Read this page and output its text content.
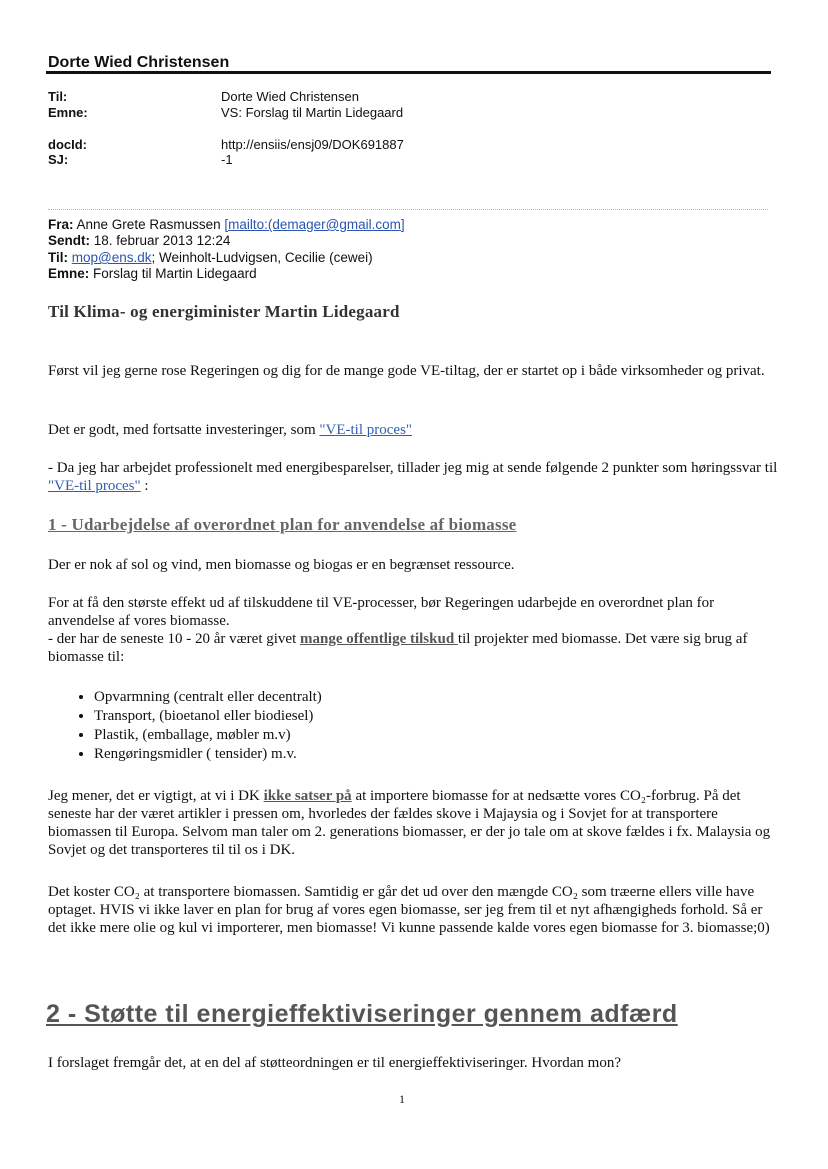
Dorte Wied Christensen
Til:	Dorte Wied Christensen
Emne:	VS: Forslag til Martin Lidegaard
docId:	http://ensiis/ensj09/DOK691887
SJ:	-1
Fra: Anne Grete Rasmussen [mailto:(demager@gmail.com]
Sendt: 18. februar 2013 12:24
Til: mop@ens.dk; Weinholt-Ludvigsen, Cecilie (cewei)
Emne: Forslag til Martin Lidegaard
Til Klima- og energiminister Martin Lidegaard
Først vil jeg gerne rose Regeringen og dig for de mange gode VE-tiltag, der er startet op i både virksomheder og privat.
Det er godt, med fortsatte investeringer, som "VE-til proces"
- Da jeg har arbejdet professionelt med energibesparelser, tillader jeg mig at sende følgende 2 punkter som høringssvar til "VE-til proces" :
1 - Udarbejdelse af overordnet plan for anvendelse af biomasse
Der er nok af sol og vind, men biomasse og biogas er en begrænset ressource.
For at få den største effekt ud af tilskuddene til VE-processer, bør Regeringen udarbejde en overordnet plan for anvendelse af vores biomasse.
- der har de seneste 10 - 20 år været givet mange offentlige tilskud til projekter med biomasse. Det være sig brug af biomasse til:
• Opvarmning (centralt eller decentralt)
• Transport, (bioetanol eller biodiesel)
• Plastik, (emballage, møbler m.v)
• Rengøringsmidler ( tensider) m.v.
Jeg mener, det er vigtigt, at vi i DK ikke satser på at importere biomasse for at nedsætte vores CO₂-forbrug. På det seneste har der været artikler i pressen om, hvorledes der fældes skove i Majaysia og i Sovjet for at transportere biomassen til Europa. Selvom man taler om 2. generations biomasser, er der jo tale om at skove fældes i fx. Malaysia og Sovjet og det transporteres til til os i DK.
Det koster CO₂ at transportere biomassen. Samtidig er går det ud over den mængde CO₂ som træerne ellers ville have optaget. HVIS vi ikke laver en plan for brug af vores egen biomasse, ser jeg frem til et nyt afhængigheds forhold. Så er det ikke mere olie og kul vi importerer, men biomasse! Vi kunne passende kalde vores egen biomasse for 3. biomasse;0)
2 - Støtte til energieffektiviseringer gennem adfærd
I forslaget fremgår det, at en del af støtteordningen er til energieffektiviseringer. Hvordan mon?
1
